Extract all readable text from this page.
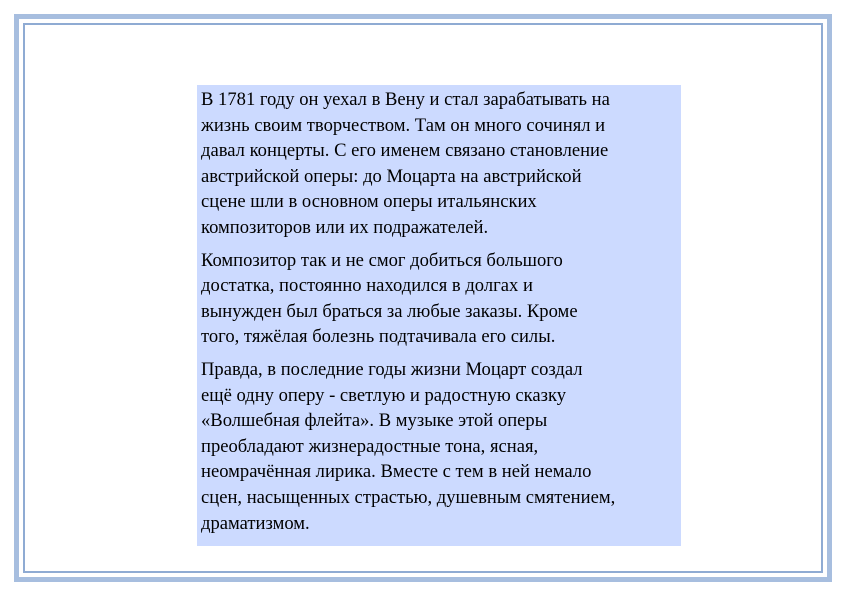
В 1781 году он уехал в Вену и стал зарабатывать на
жизнь своим творчеством. Там он много сочинял и
давал концерты. С его именем связано становление
австрийской оперы: до Моцарта на австрийской
сцене шли в основном оперы итальянских
композиторов или их подражателей.

Композитор так и не смог добиться большого
достатка, постоянно находился в долгах и
вынужден был браться за любые заказы. Кроме
того, тяжёлая болезнь подтачивала его силы.

Правда, в последние годы жизни Моцарт создал
ещё одну оперу - светлую и радостную сказку
«Волшебная флейта». В музыке этой оперы
преобладают жизнерадостные тона, ясная,
неомрачённая лирика. Вместе с тем в ней немало
сцен, насыщенных страстью, душевным смятением,
драматизмом.
